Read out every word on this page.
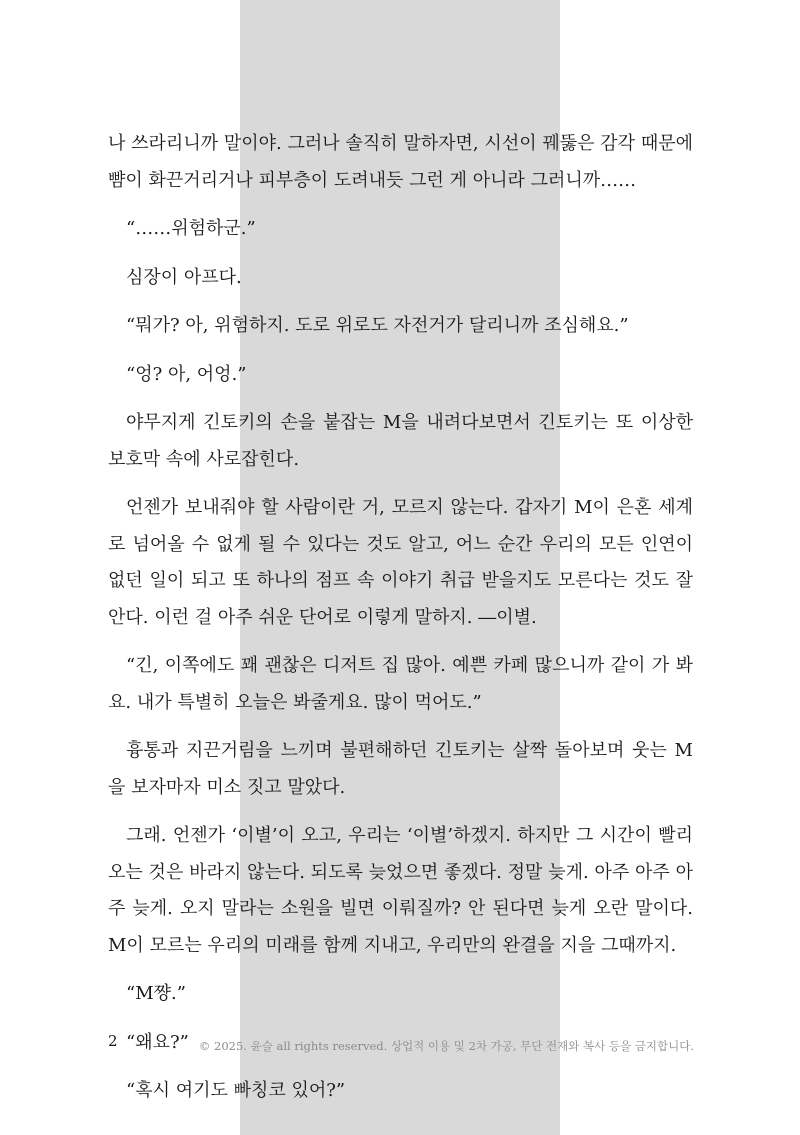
나 쓰라리니까 말이야. 그러나 솔직히 말하자면, 시선이 꿰뚫은 감각 때문에 뺨이 화끈거리거나 피부층이 도려내듯 그런 게 아니라 그러니까……

“……위험하군.”

심장이 아프다.

“뭐가? 아, 위험하지. 도로 위로도 자전거가 달리니까 조심해요.”

“엉? 아, 어엉.”

야무지게 긴토키의 손을 붙잡는 M을 내려다보면서 긴토키는 또 이상한 보호막 속에 사로잡힌다.

언젠가 보내줘야 할 사람이란 거, 모르지 않는다. 갑자기 M이 은혼 세계로 넘어올 수 없게 될 수 있다는 것도 알고, 어느 순간 우리의 모든 인연이 없던 일이 되고 또 하나의 점프 속 이야기 취급 받을지도 모른다는 것도 잘 안다. 이런 걸 아주 쉬운 단어로 이렇게 말하지. ―이별.

“긴, 이쪽에도 꽤 괜찮은 디저트 집 많아. 예쁜 카페 많으니까 같이 가 봐요. 내가 특별히 오늘은 봐줄게요. 많이 먹어도.”

흉통과 지끈거림을 느끼며 불편해하던 긴토키는 살짝 돌아보며 웃는 M을 보자마자 미소 짓고 말았다.

그래. 언젠가 ‘이별’이 오고, 우리는 ‘이별’하겠지. 하지만 그 시간이 빨리 오는 것은 바라지 않는다. 되도록 늦었으면 좋겠다. 정말 늦게. 아주 아주 아주 늦게. 오지 말라는 소원을 빌면 이뤄질까? 안 된다면 늦게 오란 말이다. M이 모르는 우리의 미래를 함께 지내고, 우리만의 완결을 지을 그때까지.

“M쨩.”

“왜요?”

“혹시 여기도 빠칭코 있어?”

2	© 2025. 윤슬 all rights reserved. 상업적 이용 및 2차 가공, 무단 전재와 복사 등을 금지합니다.
